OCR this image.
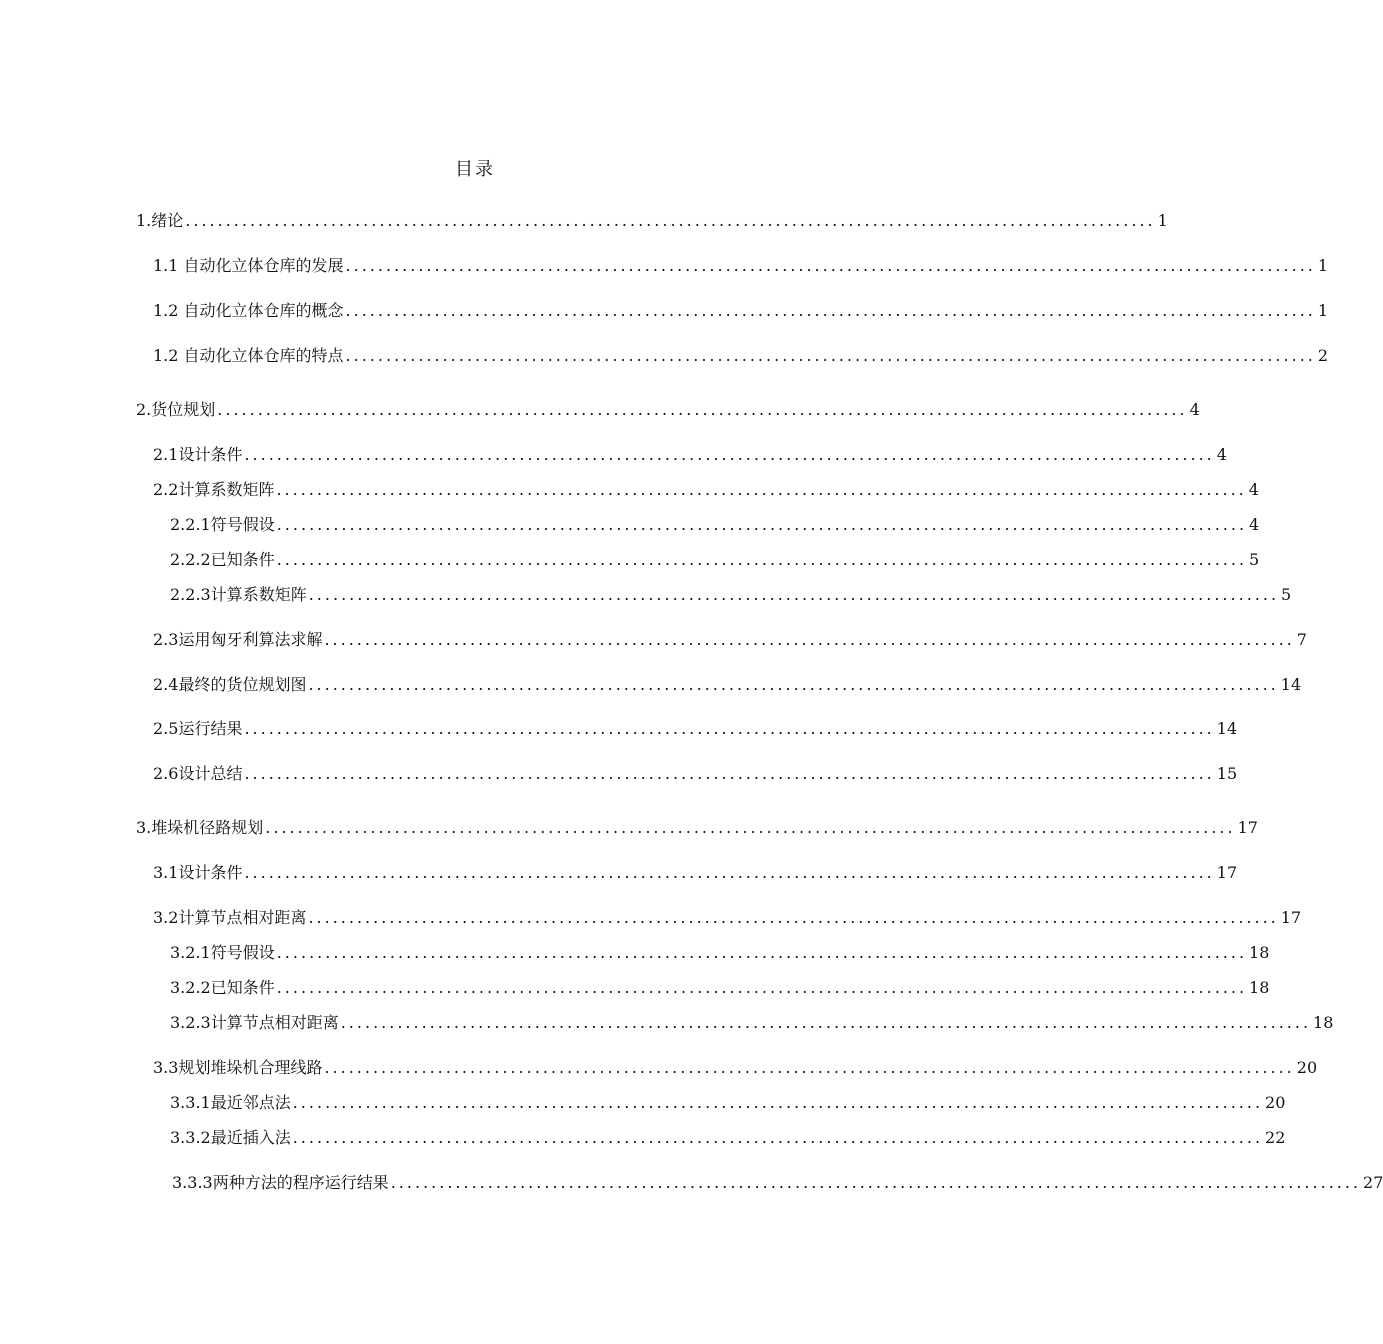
目录
1.绪论 ........................................................................................................................ 1
1.1 自动化立体仓库的发展 ........................................................................................................................ 1
1.2 自动化立体仓库的概念 ........................................................................................................................ 1
1.2 自动化立体仓库的特点 ........................................................................................................................ 2
2.货位规划 ........................................................................................................................ 4
2.1设计条件 ........................................................................................................................ 4
2.2计算系数矩阵 ........................................................................................................................ 4
2.2.1符号假设 ........................................................................................................................ 4
2.2.2已知条件 ........................................................................................................................ 5
2.2.3计算系数矩阵 ........................................................................................................................ 5
2.3运用匈牙利算法求解 ........................................................................................................................ 7
2.4最终的货位规划图 ........................................................................................................................ 14
2.5运行结果 ........................................................................................................................ 14
2.6设计总结 ........................................................................................................................ 15
3.堆垛机径路规划 ........................................................................................................................ 17
3.1设计条件 ........................................................................................................................ 17
3.2计算节点相对距离 ........................................................................................................................ 17
3.2.1符号假设 ........................................................................................................................ 18
3.2.2已知条件 ........................................................................................................................ 18
3.2.3计算节点相对距离 ........................................................................................................................ 18
3.3规划堆垛机合理线路 ........................................................................................................................ 20
3.3.1最近邻点法 ........................................................................................................................ 20
3.3.2最近插入法 ........................................................................................................................ 22
3.3.3两种方法的程序运行结果 ........................................................................................................................ 27
